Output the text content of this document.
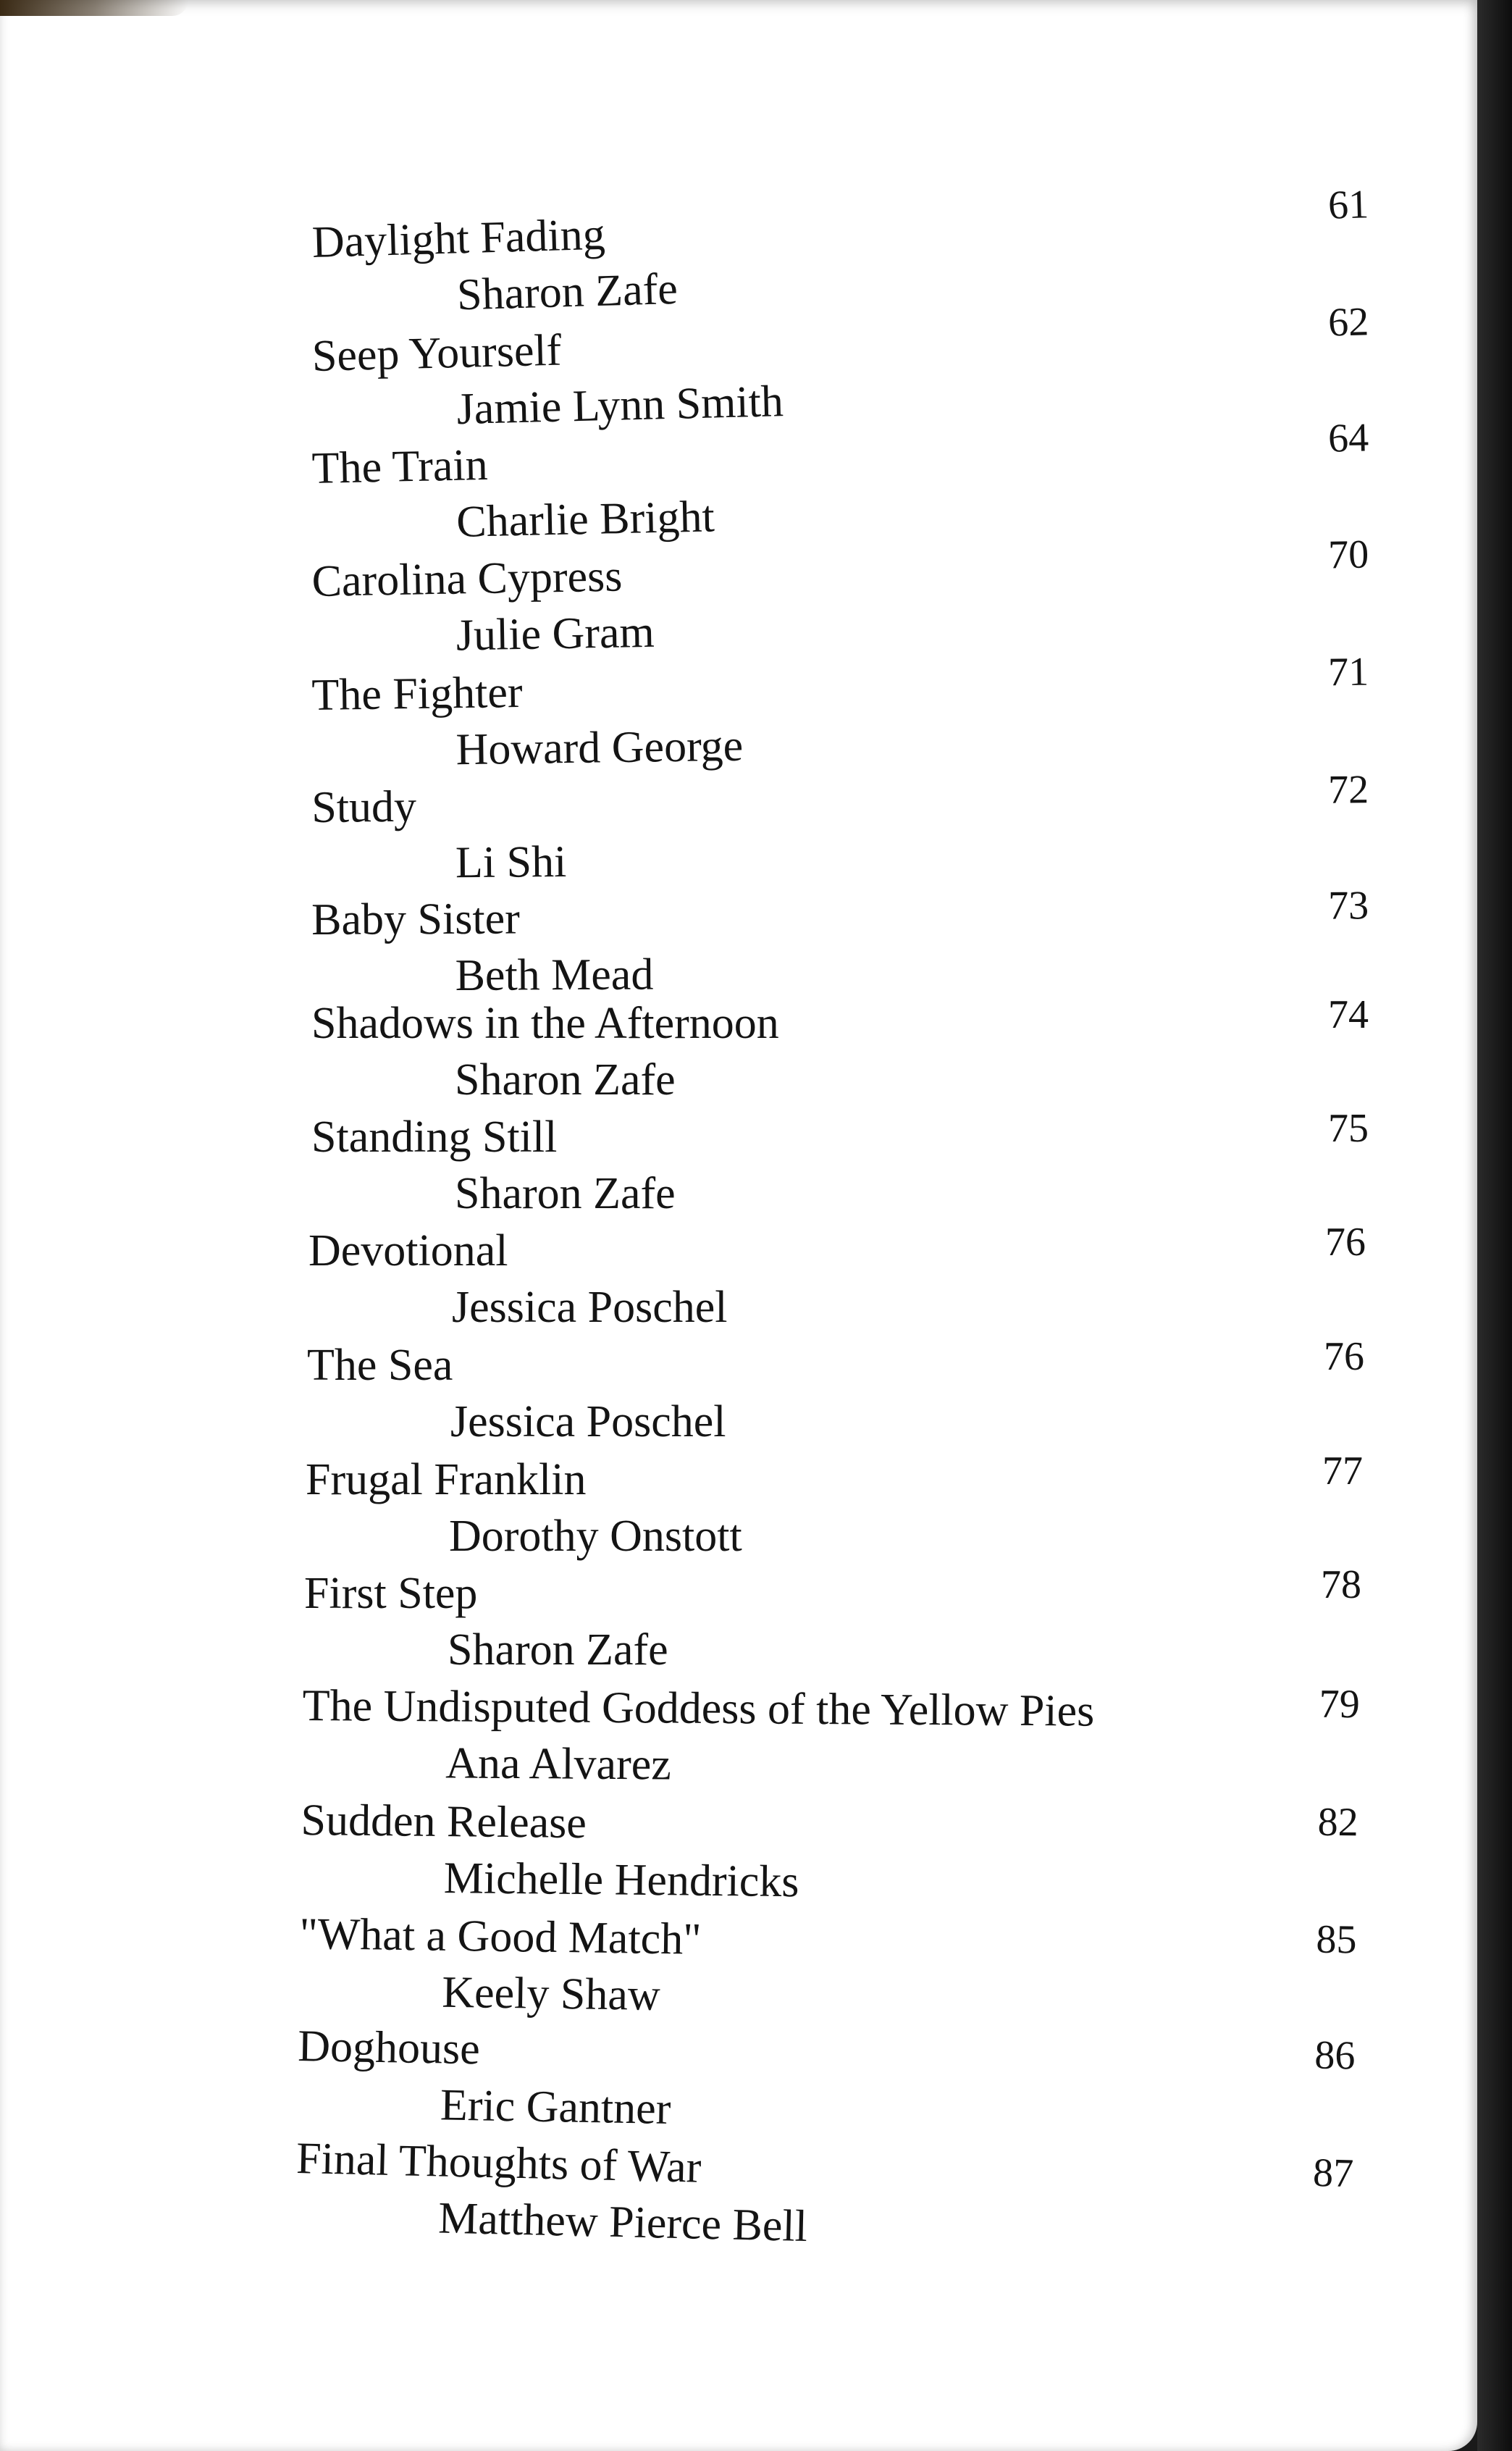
Daylight Fading
Sharon Zafe
61
Seep Yourself
Jamie Lynn Smith
62
The Train
Charlie Bright
64
Carolina Cypress
Julie Gram
70
The Fighter
Howard George
71
Study
Li Shi
72
Baby Sister
Beth Mead
73
Shadows in the Afternoon
Sharon Zafe
74
Standing Still
Sharon Zafe
75
Devotional
Jessica Poschel
76
The Sea
Jessica Poschel
76
Frugal Franklin
Dorothy Onstott
77
First Step
Sharon Zafe
78
The Undisputed Goddess of the Yellow Pies
Ana Alvarez
79
Sudden Release
Michelle Hendricks
82
"What a Good Match"
Keely Shaw
85
Doghouse
Eric Gantner
86
Final Thoughts of War
Matthew Pierce Bell
87
